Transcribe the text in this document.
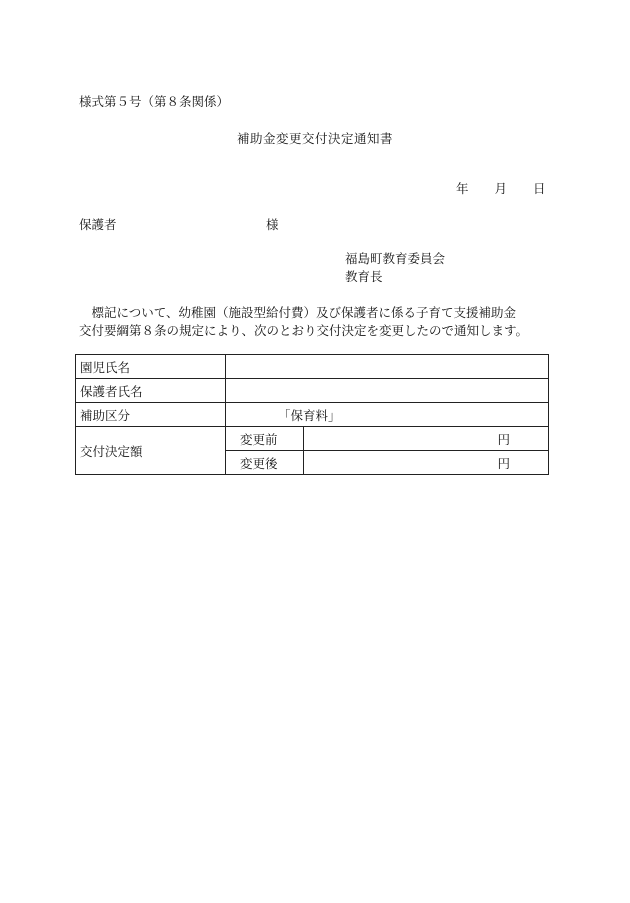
様式第５号（第８条関係）
補助金変更交付決定通知書
年 月 日
保護者	様
福島町教育委員会
教育長

　標記について、幼稚園（施設型給付費）及び保護者に係る子育て支援補助金

交付要綱第８条の規定により、次のとおり交付決定を変更したので通知します。

園児氏名		
保護者氏名		
補助区分	「保育料」	
交付決定額	変更前	円
	変更後	円
